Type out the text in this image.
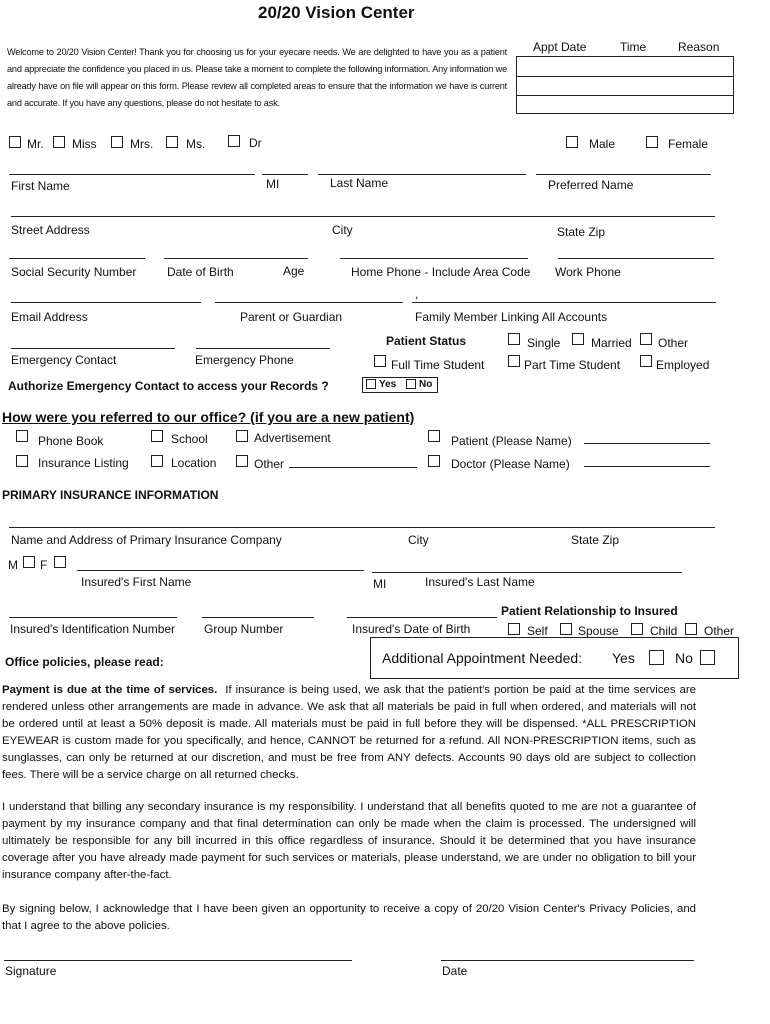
20/20 Vision Center
Welcome to 20/20 Vision Center! Thank you for choosing us for your eyecare needs. We are delighted to have you as a patient and appreciate the confidence you placed in us. Please take a moment to complete the following information. Any information we already have on file will appear on this form. Please review all completed areas to ensure that the information we have is current and accurate. If you have any questions, please do not hesitate to ask.
Appt Date	Time	Reason
Mr. Miss	Mrs.	Ms.	Dr	Male	Female
First Name	MI	Last Name	Preferred Name
Street Address	City	State Zip
Social Security Number	Date of Birth	Age	Home Phone - Include Area Code Work Phone
,
Email Address	Parent or Guardian	Family Member Linking All Accounts
Emergency Contact	Emergency Phone
Authorize Emergency Contact to access your Records ?	Yes No
Patient Status	Single	Married Other
Full Time Student	Part Time Student	Employed
How were you referred to our office? (if you are a new patient)
Phone Book	School	Advertisement	Patient (Please Name)
Insurance Listing	Location	Other	Doctor (Please Name)
PRIMARY INSURANCE INFORMATION
Name and Address of Primary Insurance Company	City	State Zip
M F
Insured's First Name	MI	Insured's Last Name
Insured's Identification Number Group Number	Insured's Date of Birth
Patient Relationship to Insured
Self	Spouse	Child Other
Office policies, please read:	Additional Appointment Needed: Yes	No
Payment is due at the time of services. If insurance is being used, we ask that the patient's portion be paid at the time services are rendered unless other arrangements are made in advance. We ask that all materials be paid in full when ordered, and materials will not be ordered until at least a 50% deposit is made. All materials must be paid in full before they will be dispensed. *ALL PRESCRIPTION EYEWEAR is custom made for you specifically, and hence, CANNOT be returned for a refund. All NON-PRESCRIPTION items, such as sunglasses, can only be returned at our discretion, and must be free from ANY defects. Accounts 90 days old are subject to collection fees. There will be a service charge on all returned checks.
I understand that billing any secondary insurance is my responsibility. I understand that all benefits quoted to me are not a guarantee of payment by my insurance company and that final determination can only be made when the claim is processed. The undersigned will ultimately be responsible for any bill incurred in this office regardless of insurance. Should it be determined that you have insurance coverage after you have already made payment for such services or materials, please understand, we are under no obligation to bill your insurance company after-the-fact.
By signing below, I acknowledge that I have been given an opportunity to receive a copy of 20/20 Vision Center's Privacy Policies, and that I agree to the above policies.
Signature	Date
